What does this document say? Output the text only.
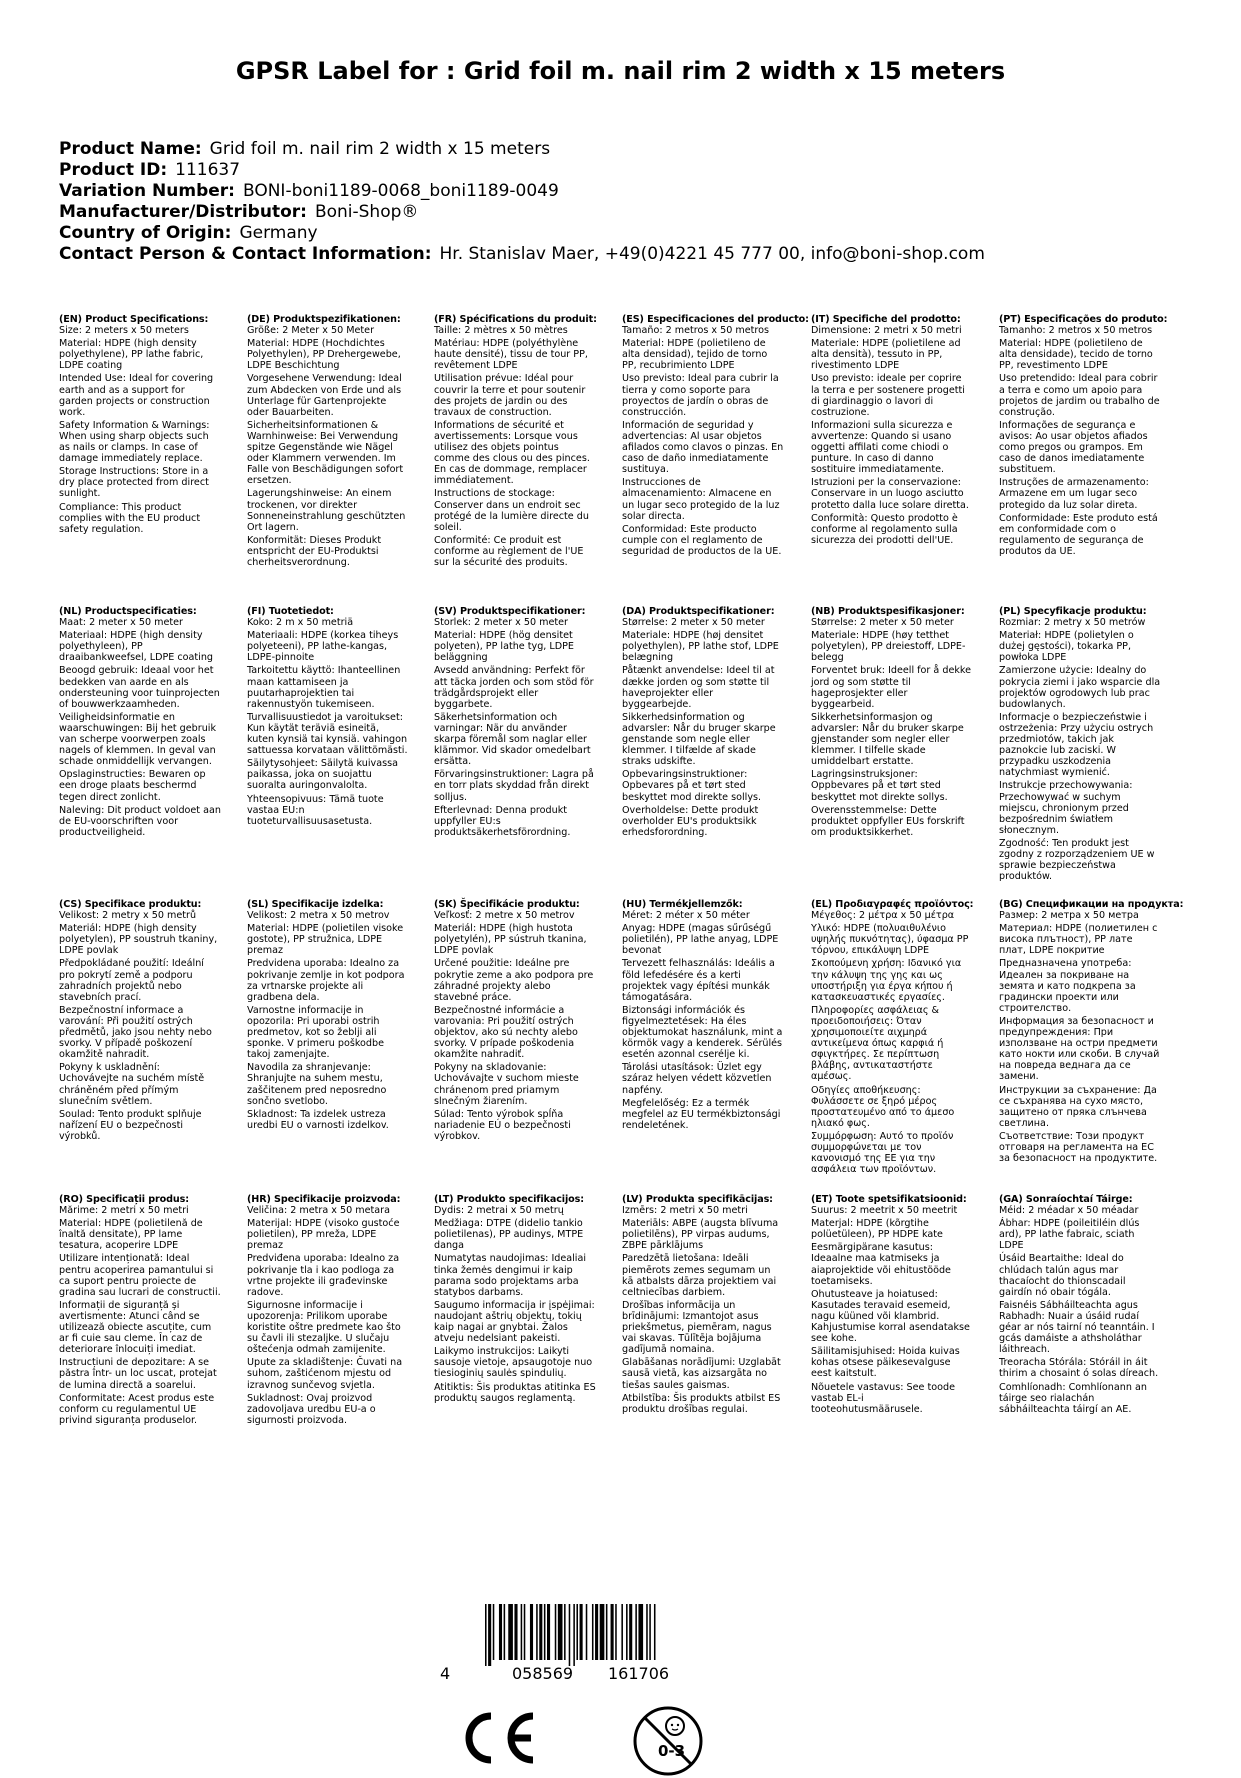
GPSR Label for : Grid foil m. nail rim 2 width x 15 meters
Product Name: Grid foil m. nail rim 2 width x 15 meters
Product ID: 111637
Variation Number: BONI-boni1189-0068_boni1189-0049
Manufacturer/Distributor: Boni-Shop®
Country of Origin: Germany
Contact Person & Contact Information: Hr. Stanislav Maer, +49(0)4221 45 777 00, info@boni-shop.com
(EN) Product Specifications:

Size: 2 meters x 50 meters

Material: HDPE (high density polyethylene), PP lathe fabric, LDPE coating

Intended Use: Ideal for covering earth and as a support for garden projects or construction work.

Safety Information & Warnings: When using sharp objects such as nails or clamps. In case of damage immediately replace.

Storage Instructions: Store in a dry place protected from direct sunlight.

Compliance: This product complies with the EU product safety regulation.

(DE) Produktspezifikationen:

Größe: 2 Meter x 50 Meter

Material: HDPE (Hochdichtes Polyethylen), PP Drehergewebe, LDPE Beschichtung

Vorgesehene Verwendung: Ideal zum Abdecken von Erde und als Unterlage für Gartenprojekte oder Bauarbeiten.

Sicherheitsinformationen & Warnhinweise: Bei Verwendung spitze Gegenstände wie Nägel oder Klammern verwenden. Im Falle von Beschädigungen sofort ersetzen.

Lagerungshinweise: An einem trockenen, vor direkter Sonneneinstrahlung geschützten Ort lagern.

Konformität: Dieses Produkt entspricht der EU-Produktsi cherheitsverordnung.

(FR) Spécifications du produit:

Taille: 2 mètres x 50 mètres

Matériau: HDPE (polyéthylène haute densité), tissu de tour PP, revêtement LDPE

Utilisation prévue: Idéal pour couvrir la terre et pour soutenir des projets de jardin ou des travaux de construction.

Informations de sécurité et avertissements: Lorsque vous utilisez des objets pointus comme des clous ou des pinces. En cas de dommage, remplacer immédiatement.

Instructions de stockage: Conserver dans un endroit sec protégé de la lumière directe du soleil.

Conformité: Ce produit est conforme au règlement de l'UE sur la sécurité des produits.

(ES) Especificaciones del producto:

Tamaño: 2 metros x 50 metros

Material: HDPE (polietileno de alta densidad), tejido de torno PP, recubrimiento LDPE

Uso previsto: Ideal para cubrir la tierra y como soporte para proyectos de jardín o obras de construcción.

Información de seguridad y advertencias: Al usar objetos afilados como clavos o pinzas. En caso de daño inmediatamente sustituya.

Instrucciones de almacenamiento: Almacene en un lugar seco protegido de la luz solar directa.

Conformidad: Este producto cumple con el reglamento de seguridad de productos de la UE.

(IT) Specifiche del prodotto:

Dimensione: 2 metri x 50 metri

Materiale: HDPE (polietilene ad alta densità), tessuto in PP, rivestimento LDPE

Uso previsto: ideale per coprire la terra e per sostenere progetti di giardinaggio o lavori di costruzione.

Informazioni sulla sicurezza e avvertenze: Quando si usano oggetti affilati come chiodi o punture. In caso di danno sostituire immediatamente.

Istruzioni per la conservazione: Conservare in un luogo asciutto protetto dalla luce solare diretta.

Conformità: Questo prodotto è conforme al regolamento sulla sicurezza dei prodotti dell'UE.

(PT) Especificações do produto:

Tamanho: 2 metros x 50 metros

Material: HDPE (polietileno de alta densidade), tecido de torno PP, revestimento LDPE

Uso pretendido: Ideal para cobrir a terra e como um apoio para projetos de jardim ou trabalho de construção.

Informações de segurança e avisos: Ao usar objetos afiados como pregos ou grampos. Em caso de danos imediatamente substituem.

Instruções de armazenamento: Armazene em um lugar seco protegido da luz solar direta.

Conformidade: Este produto está em conformidade com o regulamento de segurança de produtos da UE.

(NL) Productspecificaties:

Maat: 2 meter x 50 meter

Materiaal: HDPE (high density polyethyleen), PP draaibankweefsel, LDPE coating

Beoogd gebruik: Ideaal voor het bedekken van aarde en als ondersteuning voor tuinprojecten of bouwwerkzaamheden.

Veiligheidsinformatie en waarschuwingen: Bij het gebruik van scherpe voorwerpen zoals nagels of klemmen. In geval van schade onmiddellijk vervangen.

Opslaginstructies: Bewaren op een droge plaats beschermd tegen direct zonlicht.

Naleving: Dit product voldoet aan de EU-voorschriften voor productveiligheid.

(FI) Tuotetiedot:

Koko: 2 m x 50 metriä

Materiaali: HDPE (korkea tiheys polyeteeni), PP lathe-kangas, LDPE-pinnoite

Tarkoitettu käyttö: Ihanteellinen maan kattamiseen ja puutarhaprojektien tai rakennustyön tukemiseen.

Turvallisuustiedot ja varoitukset: Kun käytät teräviä esineitä, kuten kynsiä tai kynsiä. vahingon sattuessa korvataan välittömästi.

Säilytysohjeet: Säilytä kuivassa paikassa, joka on suojattu suoralta auringonvalolta.

Yhteensopivuus: Tämä tuote vastaa EU:n tuoteturvallisuusasetusta.

(SV) Produktspecifikationer:

Storlek: 2 meter x 50 meter

Material: HDPE (hög densitet polyeten), PP lathe tyg, LDPE beläggning

Avsedd användning: Perfekt för att täcka jorden och som stöd för trädgårdsprojekt eller byggarbete.

Säkerhetsinformation och varningar: När du använder skarpa föremål som naglar eller klämmor. Vid skador omedelbart ersätta.

Förvaringsinstruktioner: Lagra på en torr plats skyddad från direkt solljus.

Efterlevnad: Denna produkt uppfyller EU:s produktsäkerhetsförordning.

(DA) Produktspecifikationer:

Størrelse: 2 meter x 50 meter

Materiale: HDPE (høj densitet polyethylen), PP lathe stof, LDPE belægning

Påtænkt anvendelse: Ideel til at dække jorden og som støtte til haveprojekter eller byggearbejde.

Sikkerhedsinformation og advarsler: Når du bruger skarpe genstande som negle eller klemmer. I tilfælde af skade straks udskifte.

Opbevaringsinstruktioner: Opbevares på et tørt sted beskyttet mod direkte sollys.

Overholdelse: Dette produkt overholder EU's produktsikk erhedsforordning.

(NB) Produktspesifikasjoner:

Størrelse: 2 meter x 50 meter

Materiale: HDPE (høy tetthet polyetylen), PP dreiestoff, LDPE-belegg

Forventet bruk: Ideell for å dekke jord og som støtte til hageprosjekter eller byggearbeid.

Sikkerhetsinformasjon og advarsler: Når du bruker skarpe gjenstander som negler eller klemmer. I tilfelle skade umiddelbart erstatte.

Lagringsinstruksjoner: Oppbevares på et tørt sted beskyttet mot direkte sollys.

Overensstemmelse: Dette produktet oppfyller EUs forskrift om produktsikkerhet.

(PL) Specyfikacje produktu:

Rozmiar: 2 metry x 50 metrów

Materiał: HDPE (polietylen o dużej gęstości), tokarka PP, powłoka LDPE

Zamierzone użycie: Idealny do pokrycia ziemi i jako wsparcie dla projektów ogrodowych lub prac budowlanych.

Informacje o bezpieczeństwie i ostrzeżenia: Przy użyciu ostrych przedmiotów, takich jak paznokcie lub zaciski. W przypadku uszkodzenia natychmiast wymienić.

Instrukcje przechowywania: Przechowywać w suchym miejscu, chronionym przed bezpośrednim światłem słonecznym.

Zgodność: Ten produkt jest zgodny z rozporządzeniem UE w sprawie bezpieczeństwa produktów.

(CS) Specifikace produktu:

Velikost: 2 metry x 50 metrů

Materiál: HDPE (high density polyetylen), PP soustruh tkaniny, LDPE povlak

Předpokládané použití: Ideální pro pokrytí země a podporu zahradních projektů nebo stavebních prací.

Bezpečnostní informace a varování: Při použití ostrých předmětů, jako jsou nehty nebo svorky. V případě poškození okamžitě nahradit.

Pokyny k uskladnění: Uchovávejte na suchém místě chráněném před přímým slunečním světlem.

Soulad: Tento produkt splňuje nařízení EU o bezpečnosti výrobků.

(SL) Specifikacije izdelka:

Velikost: 2 metra x 50 metrov

Material: HDPE (polietilen visoke gostote), PP stružnica, LDPE premaz

Predvidena uporaba: Idealno za pokrivanje zemlje in kot podpora za vrtnarske projekte ali gradbena dela.

Varnostne informacije in opozorila: Pri uporabi ostrih predmetov, kot so žeblji ali sponke. V primeru poškodbe takoj zamenjajte.

Navodila za shranjevanje: Shranjujte na suhem mestu, zaščitenem pred neposredno sončno svetlobo.

Skladnost: Ta izdelek ustreza uredbi EU o varnosti izdelkov.

(SK) Špecifikácie produktu:

Veľkosť: 2 metre x 50 metrov

Materiál: HDPE (high hustota polyetylén), PP sústruh tkanina, LDPE povlak

Určené použitie: Ideálne pre pokrytie zeme a ako podpora pre záhradné projekty alebo stavebné práce.

Bezpečnostné informácie a varovania: Pri použití ostrých objektov, ako sú nechty alebo svorky. V prípade poškodenia okamžite nahradiť.

Pokyny na skladovanie: Uchovávajte v suchom mieste chránenom pred priamym slnečným žiarením.

Súlad: Tento výrobok spĺňa nariadenie EÚ o bezpečnosti výrobkov.

(HU) Termékjellemzők:

Méret: 2 méter x 50 méter

Anyag: HDPE (magas sűrűségű polietilén), PP lathe anyag, LDPE bevonat

Tervezett felhasználás: Ideális a föld lefedésére és a kerti projektek vagy építési munkák támogatására.

Biztonsági információk és figyelmeztetések: Ha éles objektumokat használunk, mint a körmök vagy a kenderek. Sérülés esetén azonnal cserélje ki.

Tárolási utasítások: Üzlet egy száraz helyen védett közvetlen napfény.

Megfelelőség: Ez a termék megfelel az EU termékbiztonsági rendeletének.

(EL) Προδιαγραφές προϊόντος:

Μέγεθος: 2 μέτρα x 50 μέτρα

Υλικό: HDPE (πολυαιθυλένιο υψηλής πυκνότητας), ύφασμα PP τόρνου, επικάλυψη LDPE

Σκοπούμενη χρήση: Ιδανικό για την κάλυψη της γης και ως υποστήριξη για έργα κήπου ή κατασκευαστικές εργασίες.

Πληροφορίες ασφάλειας & προειδοποιήσεις: Όταν χρησιμοποιείτε αιχμηρά αντικείμενα όπως καρφιά ή σφιγκτήρες. Σε περίπτωση βλάβης, αντικαταστήστε αμέσως.

Οδηγίες αποθήκευσης: Φυλάσσετε σε ξηρό μέρος προστατευμένο από το άμεσο ηλιακό φως.

Συμμόρφωση: Αυτό το προϊόν συμμορφώνεται με τον κανονισμό της ΕΕ για την ασφάλεια των προϊόντων.

(BG) Спецификации на продукта:

Размер: 2 метра x 50 метра

Материал: HDPE (полиетилен с висока плътност), PP лате плат, LDPE покритие

Предназначена употреба: Идеален за покриване на земята и като подкрепа за градински проекти или строителство.

Информация за безопасност и предупреждения: При използване на остри предмети като нокти или скоби. В случай на повреда веднага да се замени.

Инструкции за съхранение: Да се съхранява на сухо място, защитено от пряка слънчева светлина.

Съответствие: Този продукт отговаря на регламента на ЕС за безопасност на продуктите.

(RO) Specificații produs:

Mărime: 2 metri x 50 metri

Material: HDPE (polietilenă de înaltă densitate), PP lame tesatura, acoperire LDPE

Utilizare intenționată: Ideal pentru acoperirea pamantului si ca suport pentru proiecte de gradina sau lucrari de constructii.

Informații de siguranță și avertismente: Atunci când se utilizează obiecte ascuțite, cum ar fi cuie sau cleme. În caz de deteriorare înlocuiți imediat.

Instrucțiuni de depozitare: A se păstra într- un loc uscat, protejat de lumina directă a soarelui.

Conformitate: Acest produs este conform cu regulamentul UE privind siguranța produselor.

(HR) Specifikacije proizvoda:

Veličina: 2 metra x 50 metara

Materijal: HDPE (visoko gustoće polietilen), PP mreža, LDPE premaz

Predviđena uporaba: Idealno za pokrivanje tla i kao podloga za vrtne projekte ili građevinske radove.

Sigurnosne informacije i upozorenja: Prilikom uporabe koristite oštre predmete kao što su čavli ili stezaljke. U slučaju oštećenja odmah zamijenite.

Upute za skladištenje: Čuvati na suhom, zaštićenom mjestu od izravnog sunčevog svjetla.

Sukladnost: Ovaj proizvod zadovoljava uredbu EU-a o sigurnosti proizvoda.

(LT) Produkto specifikacijos:

Dydis: 2 metrai x 50 metrų

Medžiaga: DTPE (didelio tankio polietilenas), PP audinys, MTPE danga

Numatytas naudojimas: Idealiai tinka žemės dengimui ir kaip parama sodo projektams arba statybos darbams.

Saugumo informacija ir įspėjimai: naudojant aštrių objektų, tokių kaip nagai ar gnybtai. Žalos atveju nedelsiant pakeisti.

Laikymo instrukcijos: Laikyti sausoje vietoje, apsaugotoje nuo tiesioginių saulės spindulių.

Atitiktis: Šis produktas atitinka ES produktų saugos reglamentą.

(LV) Produkta specifikācijas:

Izmērs: 2 metri x 50 metri

Materiāls: ABPE (augsta blīvuma polietilēns), PP virpas audums, ZBPE pārklājums

Paredzētā lietošana: Ideāli piemērots zemes segumam un kā atbalsts dārza projektiem vai celtniecības darbiem.

Drošības informācija un brīdinājumi: Izmantojot asus priekšmetus, piemēram, nagus vai skavas. Tūlītēja bojājuma gadījumā nomaina.

Glabāšanas norādījumi: Uzglabāt sausā vietā, kas aizsargāta no tiešas saules gaismas.

Atbilstība: Šis produkts atbilst ES produktu drošības regulai.

(ET) Toote spetsifikatsioonid:

Suurus: 2 meetrit x 50 meetrit

Materjal: HDPE (kõrgtihe polüetüleen), PP HDPE kate

Eesmärgipärane kasutus: Ideaalne maa katmiseks ja aiaprojektide või ehitustööde toetamiseks.

Ohutusteave ja hoiatused: Kasutades teravaid esemeid, nagu küüned või klambrid. Kahjustumise korral asendatakse see kohe.

Säilitamisjuhised: Hoida kuivas kohas otsese päikesevalguse eest kaitstult.

Nõuetele vastavus: See toode vastab EL-i tooteohutusmäärusele.

(GA) Sonraíochtaí Táirge:

Méid: 2 méadar x 50 méadar

Ábhar: HDPE (poileitiléin dlús ard), PP lathe fabraic, sciath LDPE

Úsáid Beartaithe: Ideal do chlúdach talún agus mar thacaíocht do thionscadail gairdín nó obair tógála.

Faisnéis Sábháilteachta agus Rabhadh: Nuair a úsáid rudaí géar ar nós tairní nó teanntáin. I gcás damáiste a athsholáthar láithreach.

Treoracha Stórála: Stóráil in áit thirim a chosaint ó solas díreach.

Comhlíonadh: Comhlíonann an táirge seo rialachán sábháilteachta táirgí an AE.

4	058569 161706
0-3
